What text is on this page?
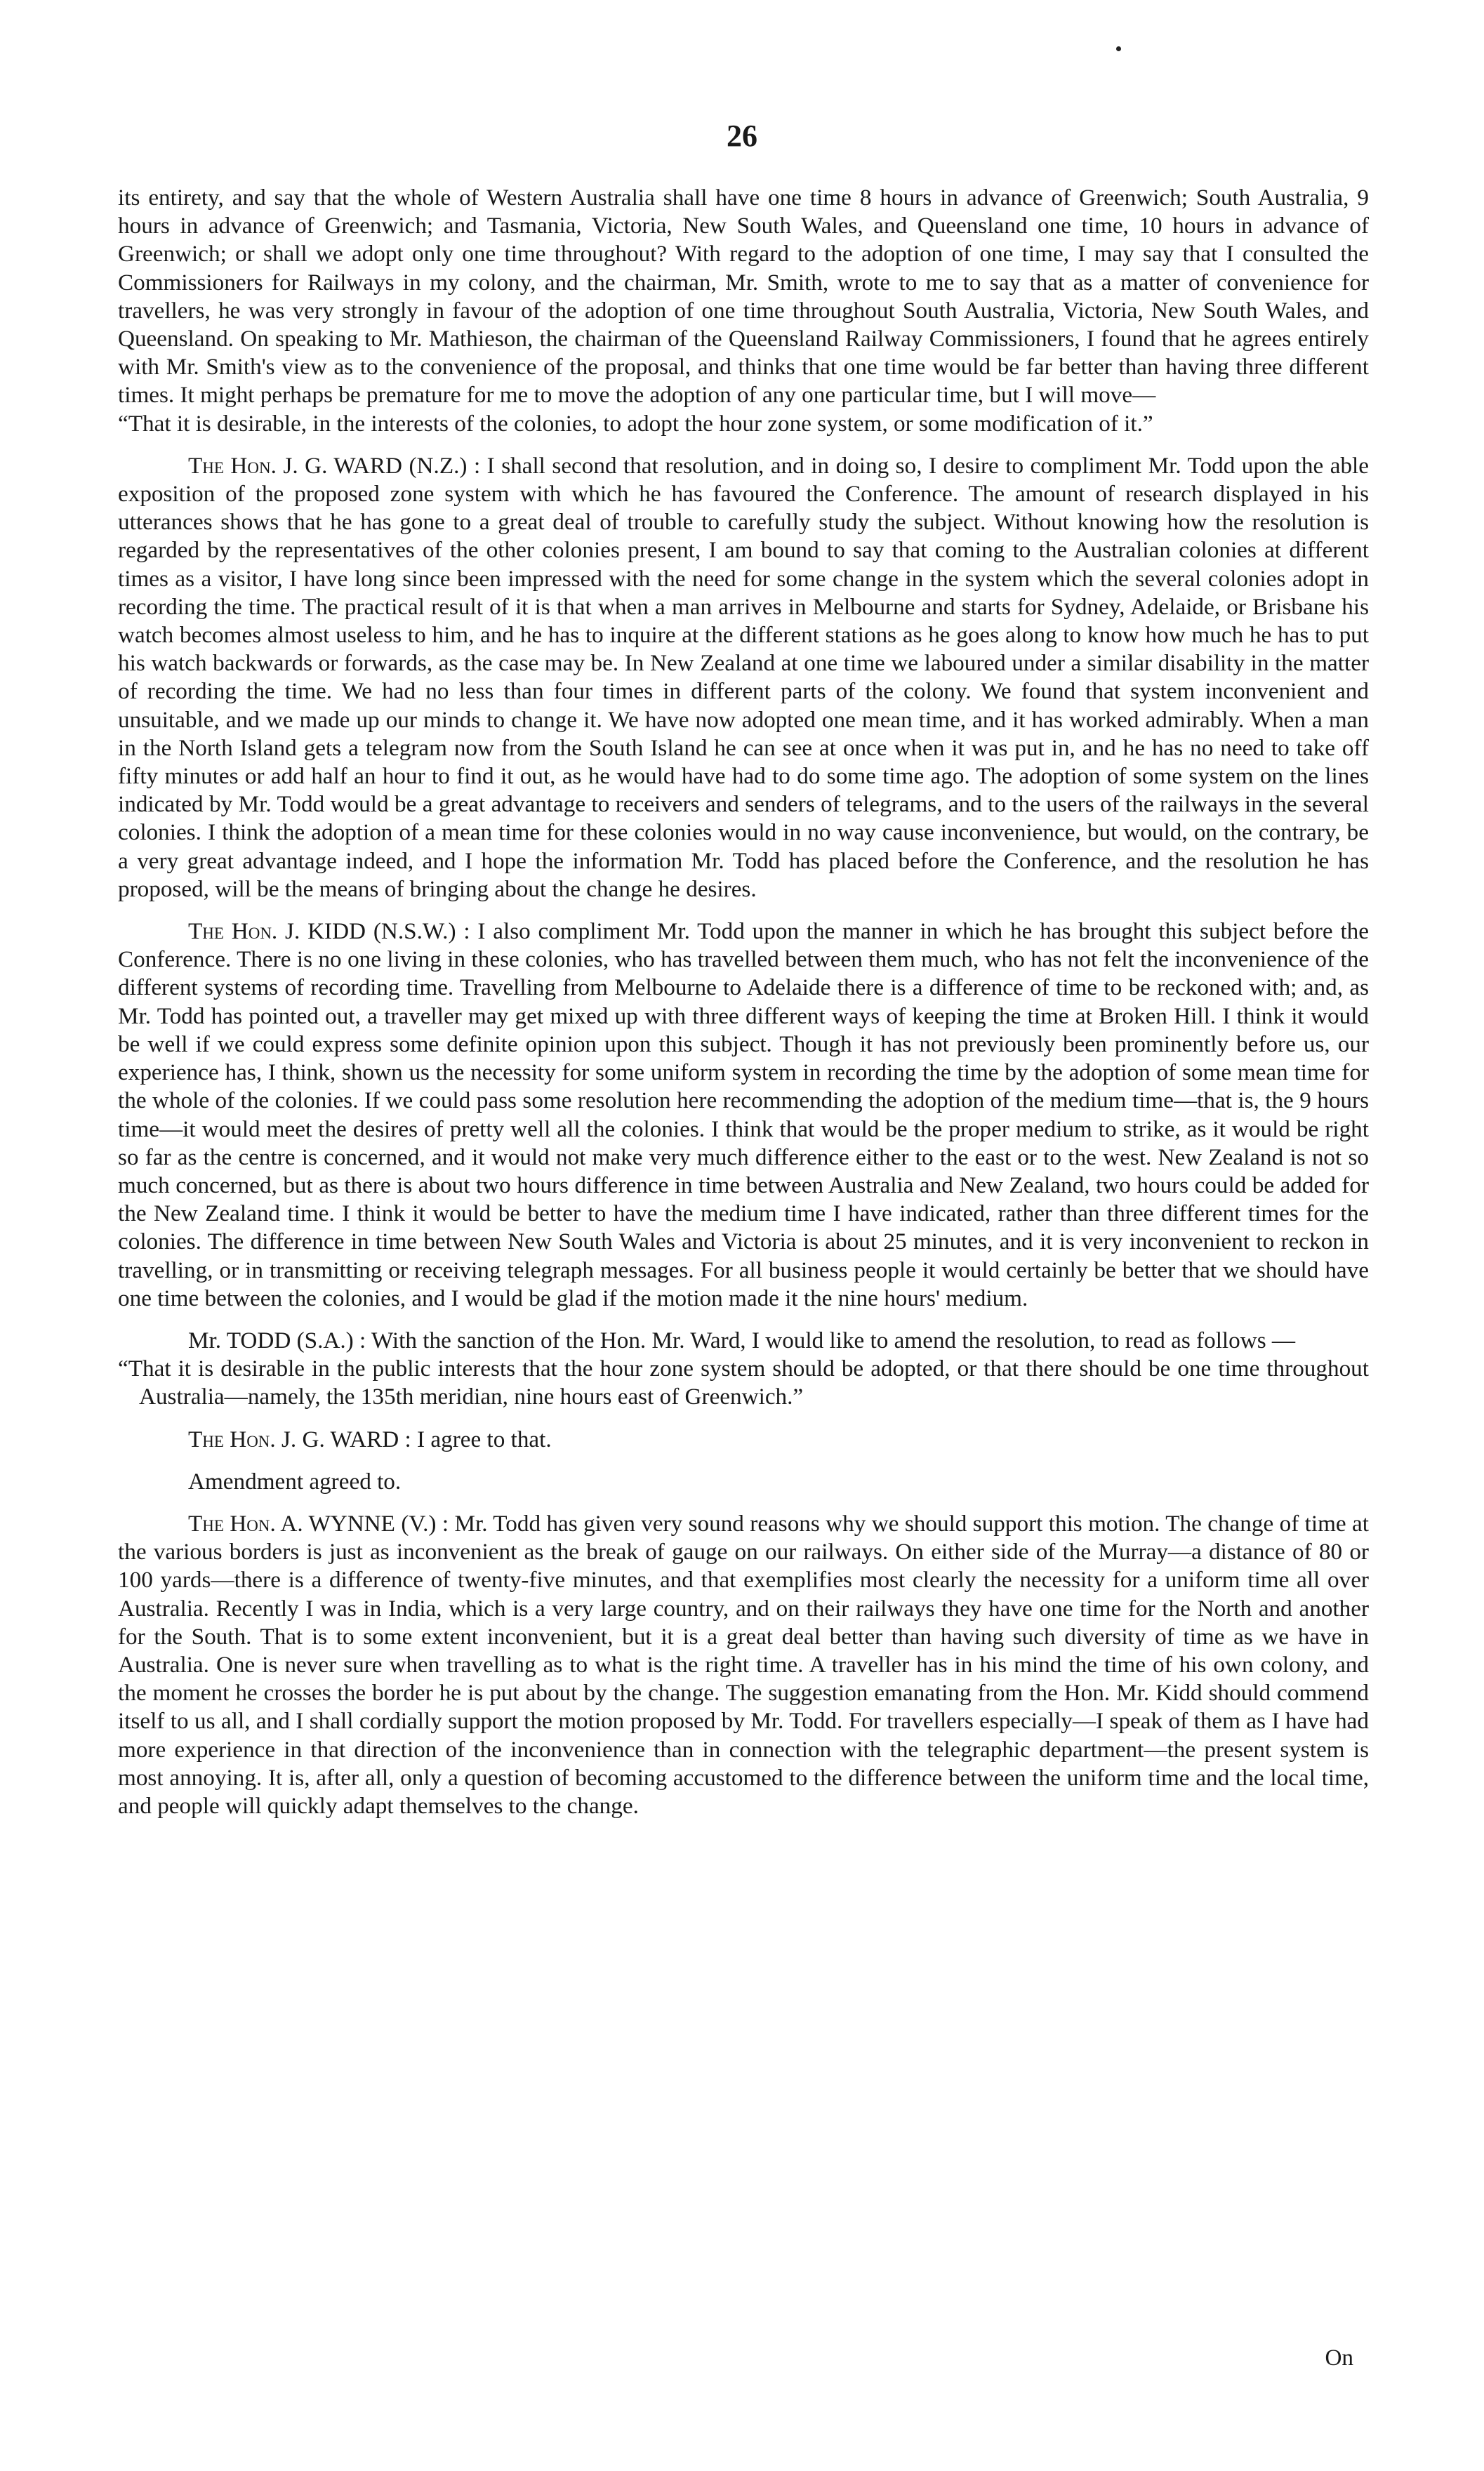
26

its entirety, and say that the whole of Western Australia shall have one time 8 hours in advance of Greenwich; South Australia, 9 hours in advance of Greenwich; and Tasmania, Victoria, New South Wales, and Queensland one time, 10 hours in advance of Greenwich; or shall we adopt only one time throughout? With regard to the adoption of one time, I may say that I consulted the Commissioners for Railways in my colony, and the chairman, Mr. Smith, wrote to me to say that as a matter of convenience for travellers, he was very strongly in favour of the adoption of one time throughout South Australia, Victoria, New South Wales, and Queensland. On speaking to Mr. Mathieson, the chairman of the Queensland Railway Commissioners, I found that he agrees entirely with Mr. Smith's view as to the convenience of the proposal, and thinks that one time would be far better than having three different times. It might perhaps be premature for me to move the adoption of any one particular time, but I will move—

“That it is desirable, in the interests of the colonies, to adopt the hour zone system, or some modification of it.”

The Hon. J. G. WARD (N.Z.) : I shall second that resolution, and in doing so, I desire to compliment Mr. Todd upon the able exposition of the proposed zone system with which he has favoured the Conference. The amount of research displayed in his utterances shows that he has gone to a great deal of trouble to carefully study the subject. Without knowing how the resolution is regarded by the representatives of the other colonies present, I am bound to say that coming to the Australian colonies at different times as a visitor, I have long since been impressed with the need for some change in the system which the several colonies adopt in recording the time. The practical result of it is that when a man arrives in Melbourne and starts for Sydney, Adelaide, or Brisbane his watch becomes almost useless to him, and he has to inquire at the different stations as he goes along to know how much he has to put his watch backwards or forwards, as the case may be. In New Zealand at one time we laboured under a similar disability in the matter of recording the time. We had no less than four times in different parts of the colony. We found that system inconvenient and unsuitable, and we made up our minds to change it. We have now adopted one mean time, and it has worked admirably. When a man in the North Island gets a telegram now from the South Island he can see at once when it was put in, and he has no need to take off fifty minutes or add half an hour to find it out, as he would have had to do some time ago. The adoption of some system on the lines indicated by Mr. Todd would be a great advantage to receivers and senders of telegrams, and to the users of the railways in the several colonies. I think the adoption of a mean time for these colonies would in no way cause inconvenience, but would, on the contrary, be a very great advantage indeed, and I hope the information Mr. Todd has placed before the Conference, and the resolution he has proposed, will be the means of bringing about the change he desires.

The Hon. J. KIDD (N.S.W.) : I also compliment Mr. Todd upon the manner in which he has brought this subject before the Conference. There is no one living in these colonies, who has travelled between them much, who has not felt the inconvenience of the different systems of recording time. Travelling from Melbourne to Adelaide there is a difference of time to be reckoned with; and, as Mr. Todd has pointed out, a traveller may get mixed up with three different ways of keeping the time at Broken Hill. I think it would be well if we could express some definite opinion upon this subject. Though it has not previously been prominently before us, our experience has, I think, shown us the necessity for some uniform system in recording the time by the adoption of some mean time for the whole of the colonies. If we could pass some resolution here recommending the adoption of the medium time—that is, the 9 hours time—it would meet the desires of pretty well all the colonies. I think that would be the proper medium to strike, as it would be right so far as the centre is concerned, and it would not make very much difference either to the east or to the west. New Zealand is not so much concerned, but as there is about two hours difference in time between Australia and New Zealand, two hours could be added for the New Zealand time. I think it would be better to have the medium time I have indicated, rather than three different times for the colonies. The difference in time between New South Wales and Victoria is about 25 minutes, and it is very inconvenient to reckon in travelling, or in transmitting or receiving telegraph messages. For all business people it would certainly be better that we should have one time between the colonies, and I would be glad if the motion made it the nine hours' medium.

Mr. TODD (S.A.) : With the sanction of the Hon. Mr. Ward, I would like to amend the resolution, to read as follows —

“That it is desirable in the public interests that the hour zone system should be adopted, or that there should be one time throughout Australia—namely, the 135th meridian, nine hours east of Greenwich.”

The Hon. J. G. WARD : I agree to that.

Amendment agreed to.

The Hon. A. WYNNE (V.) : Mr. Todd has given very sound reasons why we should support this motion. The change of time at the various borders is just as inconvenient as the break of gauge on our railways. On either side of the Murray—a distance of 80 or 100 yards—there is a difference of twenty-five minutes, and that exemplifies most clearly the necessity for a uniform time all over Australia. Recently I was in India, which is a very large country, and on their railways they have one time for the North and another for the South. That is to some extent inconvenient, but it is a great deal better than having such diversity of time as we have in Australia. One is never sure when travelling as to what is the right time. A traveller has in his mind the time of his own colony, and the moment he crosses the border he is put about by the change. The suggestion emanating from the Hon. Mr. Kidd should commend itself to us all, and I shall cordially support the motion proposed by Mr. Todd. For travellers especially—I speak of them as I have had more experience in that direction of the inconvenience than in connection with the telegraphic department—the present system is most annoying. It is, after all, only a question of becoming accustomed to the difference between the uniform time and the local time, and people will quickly adapt themselves to the change.

On
